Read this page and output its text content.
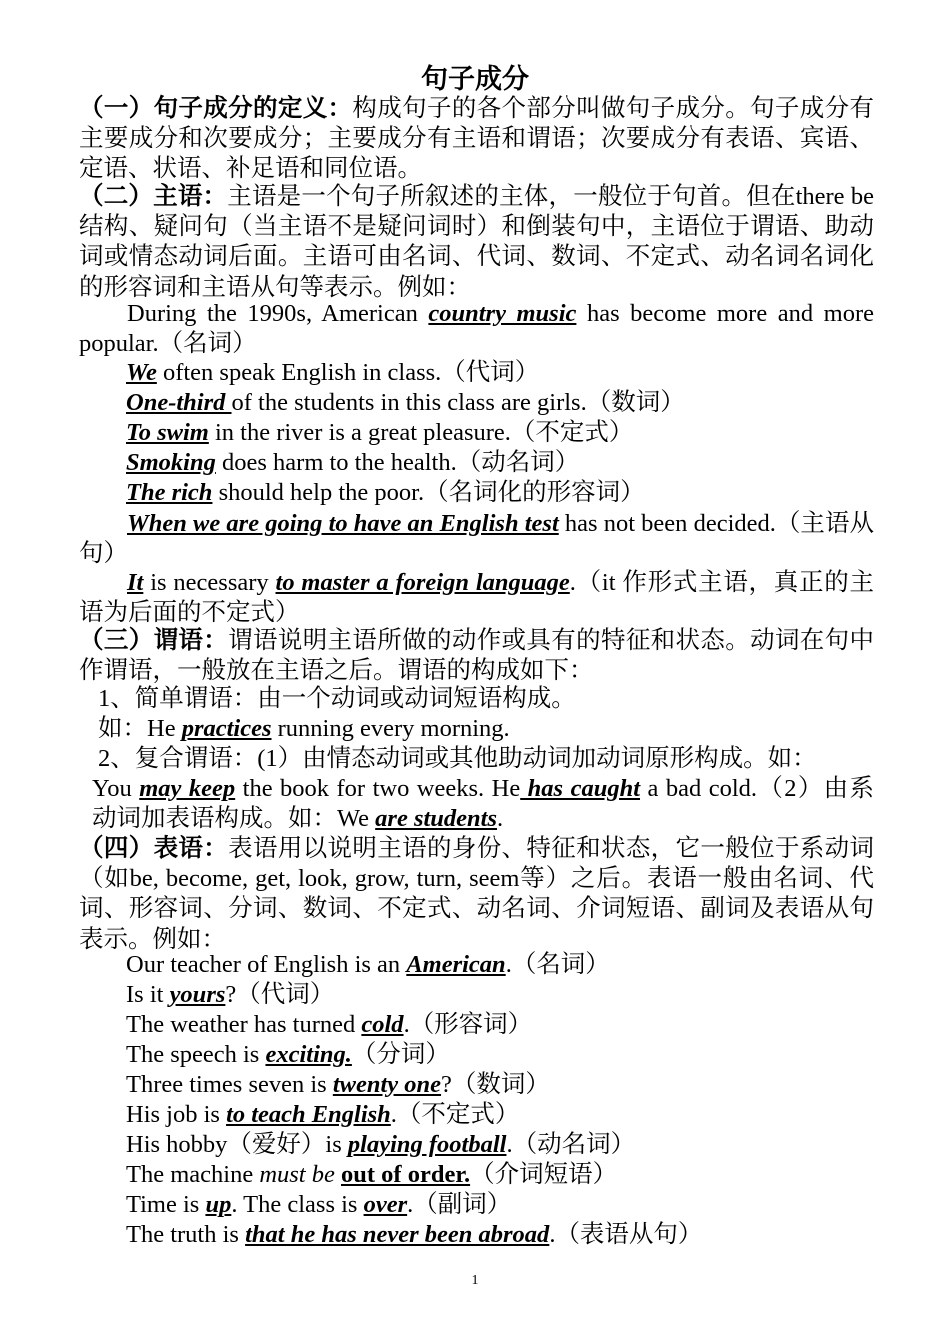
句子成分
（一）句子成分的定义：构成句子的各个部分叫做句子成分。句子成分有主要成分和次要成分；主要成分有主语和谓语；次要成分有表语、宾语、定语、状语、补足语和同位语。
（二）主语：主语是一个句子所叙述的主体，一般位于句首。但在there be结构、疑问句（当主语不是疑问词时）和倒装句中，主语位于谓语、助动词或情态动词后面。主语可由名词、代词、数词、不定式、动名词名词化的形容词和主语从句等表示。例如：
During the 1990s, American country music has become more and more popular.（名词）
We often speak English in class.（代词）
One-third of the students in this class are girls.（数词）
To swim in the river is a great pleasure.（不定式）
Smoking does harm to the health.（动名词）
The rich should help the poor.（名词化的形容词）
When we are going to have an English test has not been decided.（主语从句）
It is necessary to master a foreign language.（it 作形式主语，真正的主语为后面的不定式）
（三）谓语：谓语说明主语所做的动作或具有的特征和状态。动词在句中作谓语，一般放在主语之后。谓语的构成如下：
1、简单谓语：由一个动词或动词短语构成。
如：He practices running every morning.
2、复合谓语：(1）由情态动词或其他助动词加动词原形构成。如：
You may keep the book for two weeks. He has caught a bad cold.（2）由系动词加表语构成。如：We are students.
（四）表语：表语用以说明主语的身份、特征和状态，它一般位于系动词（如be, become, get, look, grow, turn, seem等）之后。表语一般由名词、代词、形容词、分词、数词、不定式、动名词、介词短语、副词及表语从句表示。例如：
Our teacher of English is an American.（名词）
Is it yours?（代词）
The weather has turned cold.（形容词）
The speech is exciting.（分词）
Three times seven is twenty one?（数词）
His job is to teach English.（不定式）
His hobby（爱好）is playing football.（动名词）
The machine must be out of order.（介词短语）
Time is up. The class is over.（副词）
The truth is that he has never been abroad.（表语从句）
1
